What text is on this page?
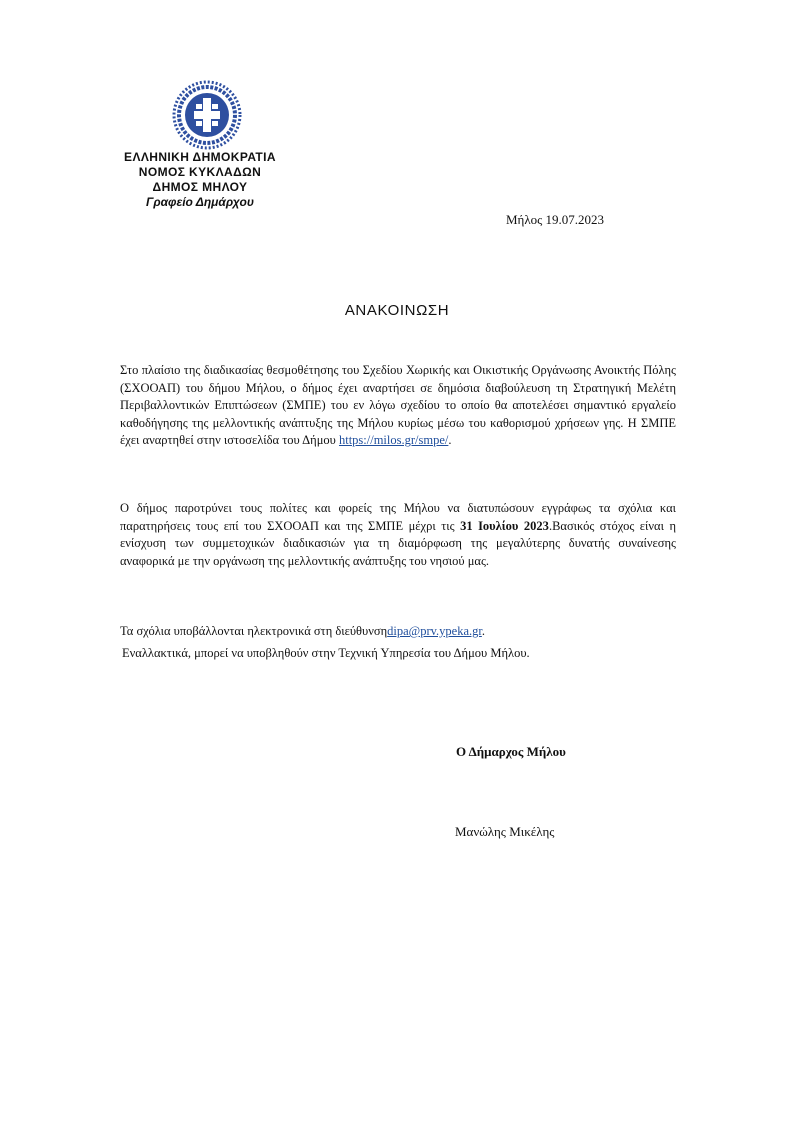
ΕΛΛΗΝΙΚΗ ΔΗΜΟΚΡΑΤΙΑ
ΝΟΜΟΣ ΚΥΚΛΑΔΩΝ
ΔΗΜΟΣ ΜΗΛΟΥ
Γραφείο Δημάρχου
Μήλος 19.07.2023
ΑΝΑΚΟΙΝΩΣΗ

Στο πλαίσιο της διαδικασίας θεσμοθέτησης του Σχεδίου Χωρικής και Οικιστικής Οργάνωσης Ανοικτής Πόλης (ΣΧΟΟΑΠ) του δήμου Μήλου, ο δήμος έχει αναρτήσει σε δημόσια διαβούλευση τη Στρατηγική Μελέτη Περιβαλλοντικών Επιπτώσεων (ΣΜΠΕ) του εν λόγω σχεδίου το οποίο θα αποτελέσει σημαντικό εργαλείο καθοδήγησης της μελλοντικής ανάπτυξης της Μήλου κυρίως μέσω του καθορισμού χρήσεων γης. Η ΣΜΠΕ έχει αναρτηθεί στην ιστοσελίδα του Δήμου https://milos.gr/smpe/.

Ο δήμος παροτρύνει τους πολίτες και φορείς της Μήλου να διατυπώσουν εγγράφως τα σχόλια και παρατηρήσεις τους επί του ΣΧΟΟΑΠ και της ΣΜΠΕ μέχρι τις 31 Ιουλίου 2023.Βασικός στόχος είναι η ενίσχυση των συμμετοχικών διαδικασιών για τη διαμόρφωση της μεγαλύτερης δυνατής συναίνεσης αναφορικά με την οργάνωση της μελλοντικής ανάπτυξης του νησιού μας.

Τα σχόλια υποβάλλονται ηλεκτρονικά στη διεύθυνσηdipa@prv.ypeka.gr.
Εναλλακτικά, μπορεί να υποβληθούν στην Τεχνική Υπηρεσία του Δήμου Μήλου.
Ο Δήμαρχος Μήλου
Μανώλης Μικέλης
